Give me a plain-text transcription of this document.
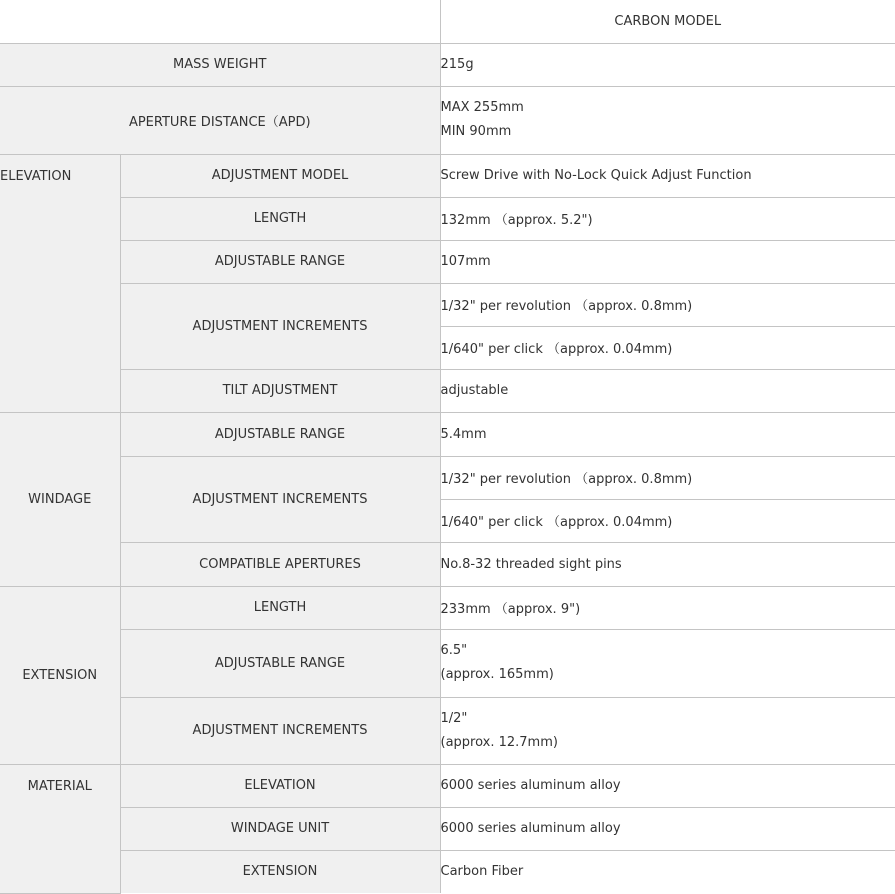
		CARBON MODEL
MASS WEIGHT		215g
APERTURE DISTANCE（APD)		MAX 255mm
MIN 90mm

ELEVATION	ADJUSTMENT MODEL	Screw Drive with No-Lock Quick Adjust Function
	LENGTH	132mm （approx. 5.2")
	ADJUSTABLE RANGE	107mm
	ADJUSTMENT INCREMENTS	1/32" per revolution （approx. 0.8mm)
		1/640" per click （approx. 0.04mm)
	TILT ADJUSTMENT	adjustable
WINDAGE	ADJUSTABLE RANGE	5.4mm
	ADJUSTMENT INCREMENTS	1/32" per revolution （approx. 0.8mm)
		1/640" per click （approx. 0.04mm)
	COMPATIBLE APERTURES	No.8-32 threaded sight pins
EXTENSION	LENGTH	233mm （approx. 9")
	ADJUSTABLE RANGE	6.5"
(approx. 165mm)

	ADJUSTMENT INCREMENTS	1/2"
(approx. 12.7mm)

MATERIAL	ELEVATION	6000 series aluminum alloy
	WINDAGE UNIT	6000 series aluminum alloy
	EXTENSION	Carbon Fiber
